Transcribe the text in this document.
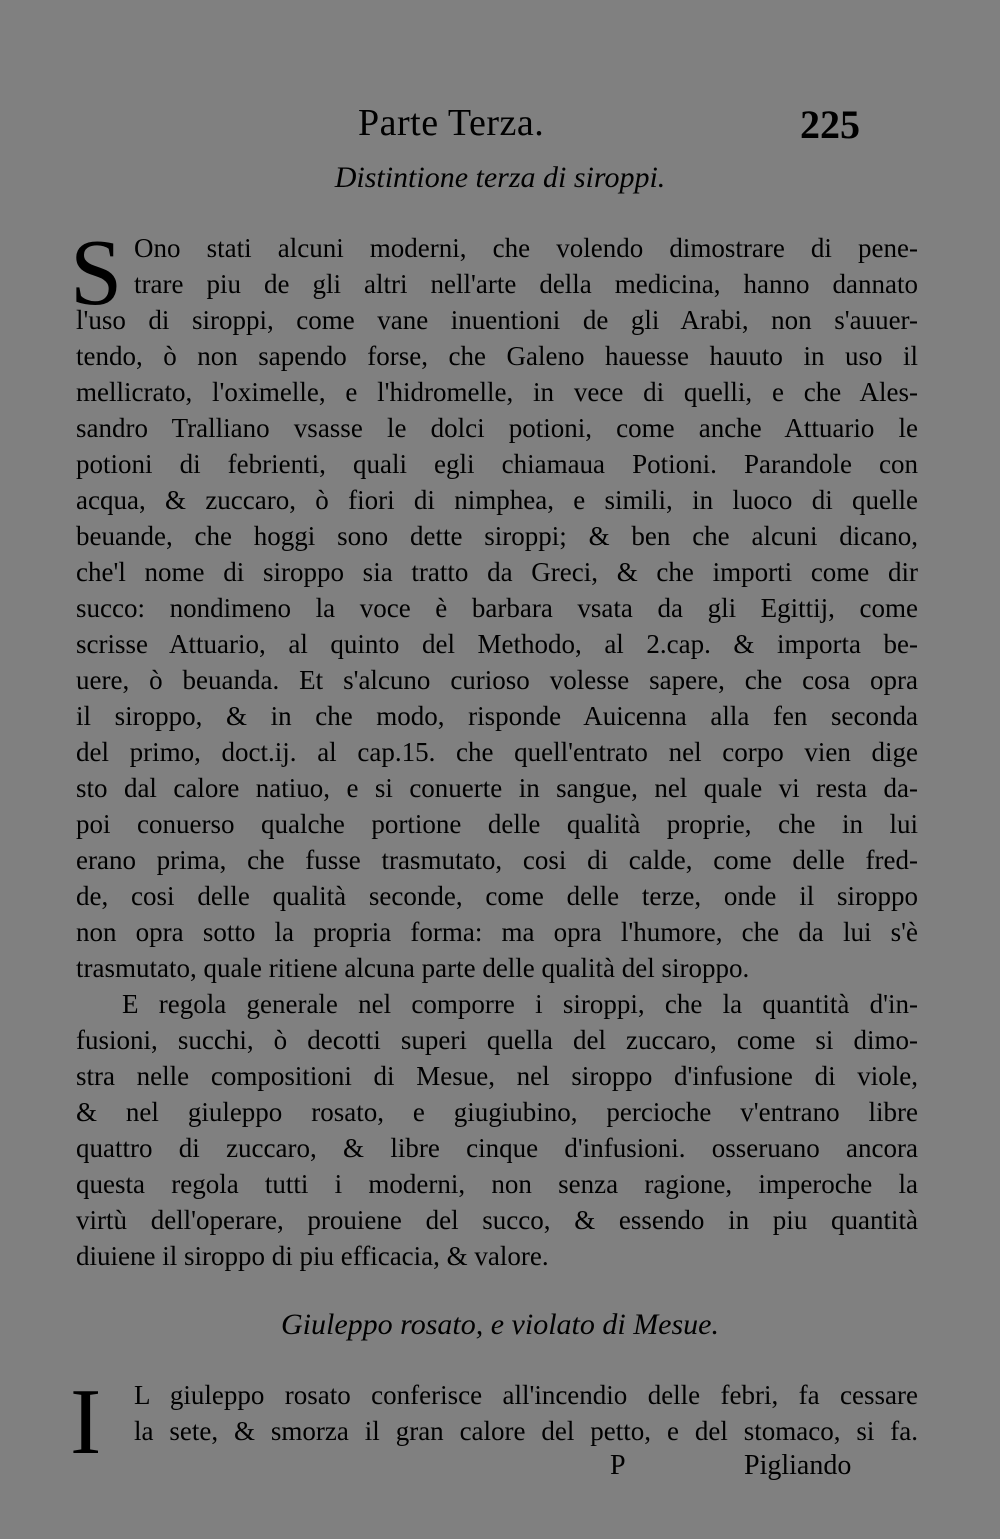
Parte Terza.	225
Distintione terza di siroppi.
S Ono stati alcuni moderni, che volendo dimostrare di pene-
trare piu de gli altri nell'arte della medicina, hanno dannato
l'uso di siroppi, come vane inuentioni de gli Arabi, non s'auuer-
tendo, ò non sapendo forse, che Galeno hauesse hauuto in uso il
mellicrato, l'oximelle, e l'hidromelle, in vece di quelli, e che Ales-
sandro Tralliano vsasse le dolci potioni, come anche Attuario le
potioni di febrienti, quali egli chiamaua Potioni. Parandole con
acqua, & zuccaro, ò fiori di nimphea, e simili, in luoco di quelle
beuande, che hoggi sono dette siroppi; & ben che alcuni dicano,
che'l nome di siroppo sia tratto da Greci, & che importi come dir
succo: nondimeno la voce è barbara vsata da gli Egittij, come
scrisse Attuario, al quinto del Methodo, al 2.cap. & importa be-
uere, ò beuanda. Et s'alcuno curioso volesse sapere, che cosa opra
il siroppo, & in che modo, risponde Auicenna alla fen seconda
del primo, doct.ij. al cap.15. che quell'entrato nel corpo vien dige
sto dal calore natiuo, e si conuerte in sangue, nel quale vi resta da-
poi conuerso qualche portione delle qualità proprie, che in lui
erano prima, che fusse trasmutato, cosi di calde, come delle fred-
de, cosi delle qualità seconde, come delle terze, onde il siroppo
non opra sotto la propria forma: ma opra l'humore, che da lui s'è
trasmutato, quale ritiene alcuna parte delle qualità del siroppo.
E regola generale nel comporre i siroppi, che la quantità d'in-
fusioni, succhi, ò decotti superi quella del zuccaro, come si dimo-
stra nelle compositioni di Mesue, nel siroppo d'infusione di viole,
& nel giuleppo rosato, e giugiubino, percioche v'entrano libre
quattro di zuccaro, & libre cinque d'infusioni. osseruano ancora
questa regola tutti i moderni, non senza ragione, imperoche la
virtù dell'operare, prouiene del succo, & essendo in piu quantità
diuiene il siroppo di piu efficacia, & valore.
Giuleppo rosato, e violato di Mesue.
I	L giuleppo rosato conferisce all'incendio delle febri, fa cessare
la sete, & smorza il gran calore del petto, e del stomaco, si fa.
P	Pigliando
